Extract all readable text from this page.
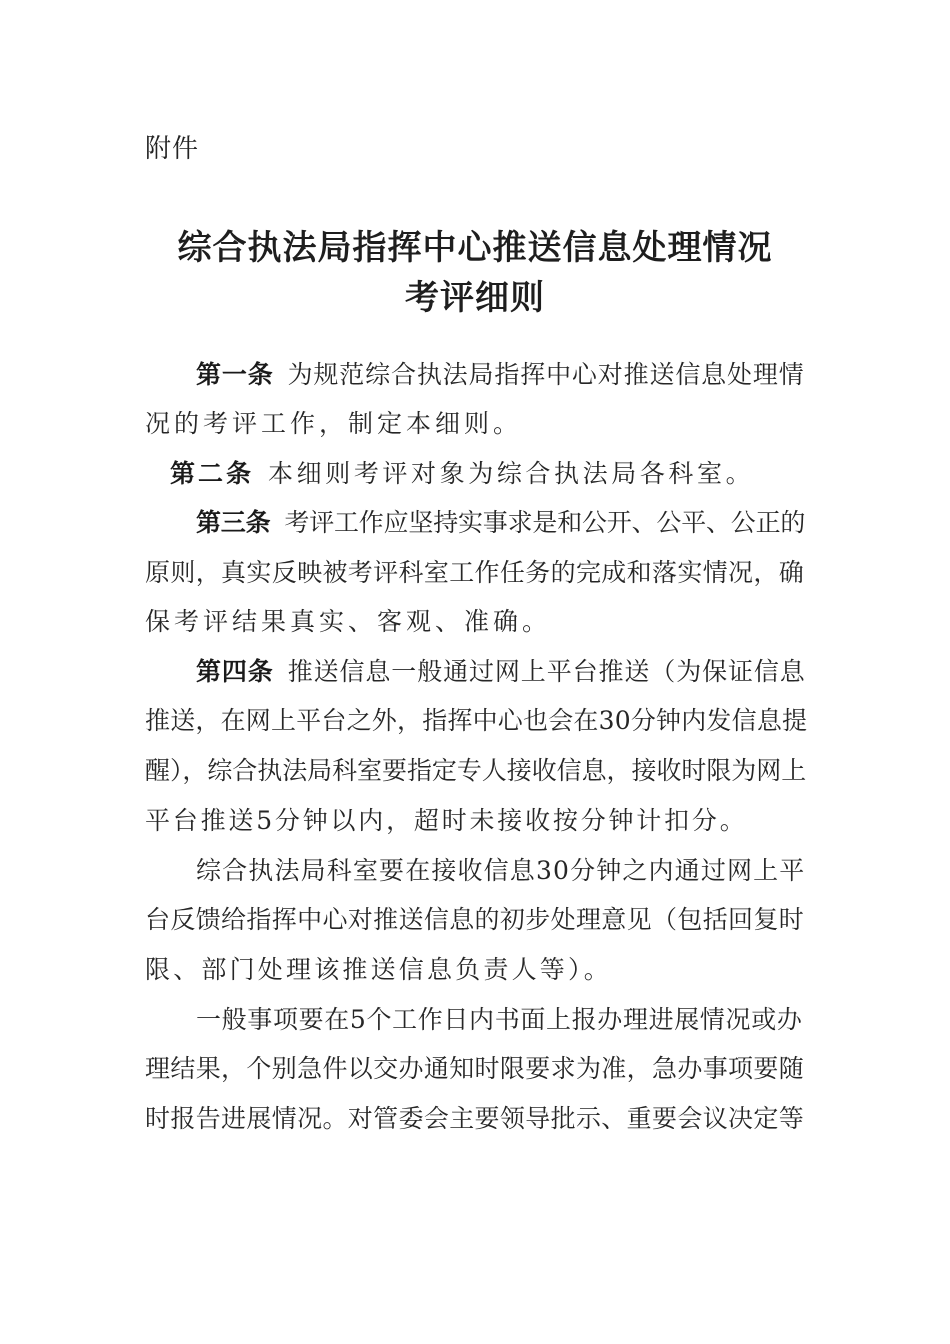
附件
综合执法局指挥中心推送信息处理情况
考评细则
第一条 为规范综合执法局指挥中心对推送信息处理情
况的考评工作，制定本细则。
第二条 本细则考评对象为综合执法局各科室。
第三条 考评工作应坚持实事求是和公开、公平、公正的
原则，真实反映被考评科室工作任务的完成和落实情况，确
保考评结果真实、客观、准确。
第四条 推送信息一般通过网上平台推送（为保证信息
推送，在网上平台之外，指挥中心也会在30分钟内发信息提
醒），综合执法局科室要指定专人接收信息，接收时限为网上
平台推送5分钟以内，超时未接收按分钟计扣分。
综合执法局科室要在接收信息30分钟之内通过网上平
台反馈给指挥中心对推送信息的初步处理意见（包括回复时
限、部门处理该推送信息负责人等）。
一般事项要在5个工作日内书面上报办理进展情况或办
理结果，个别急件以交办通知时限要求为准，急办事项要随
时报告进展情况。对管委会主要领导批示、重要会议决定等
